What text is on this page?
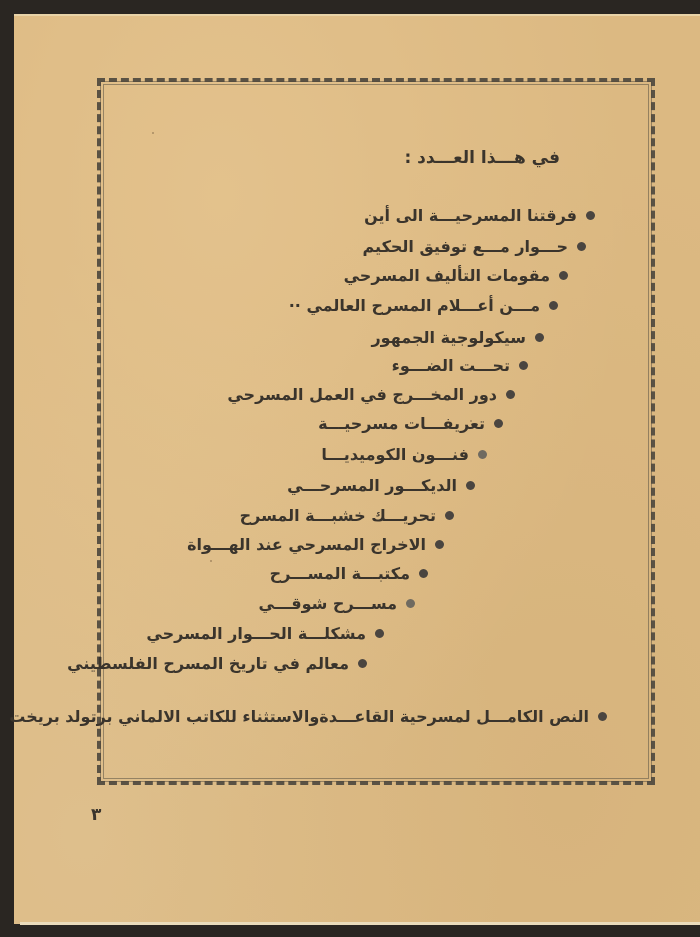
في هـــذا العـــدد :
فرقتنا المسرحيـــة الى أين
حـــوار مـــع توفيق الحكيم
مقومات التأليف المسرحي
مـــن أعـــلام المسرح العالمي ··
سيكولوجية الجمهور
تحـــت الضـــوء
دور المخـــرج في العمل المسرحي
تعريفـــات مسرحيـــة
فنـــون الكوميديـــا
الديكـــور المسرحـــي
تحريـــك خشبـــة المسرح
الاخراج المسرحي عند الهـــواة
مكتبـــة المســـرح
مســـرح شوقـــي
مشكلـــة الحـــوار المسرحي
معالم في تاريخ المسرح الفلسطيني
النص الكامـــل لمسرحية القاعـــدةوالاستثناء للكاتب الالماني برتولد بريخت
٣
